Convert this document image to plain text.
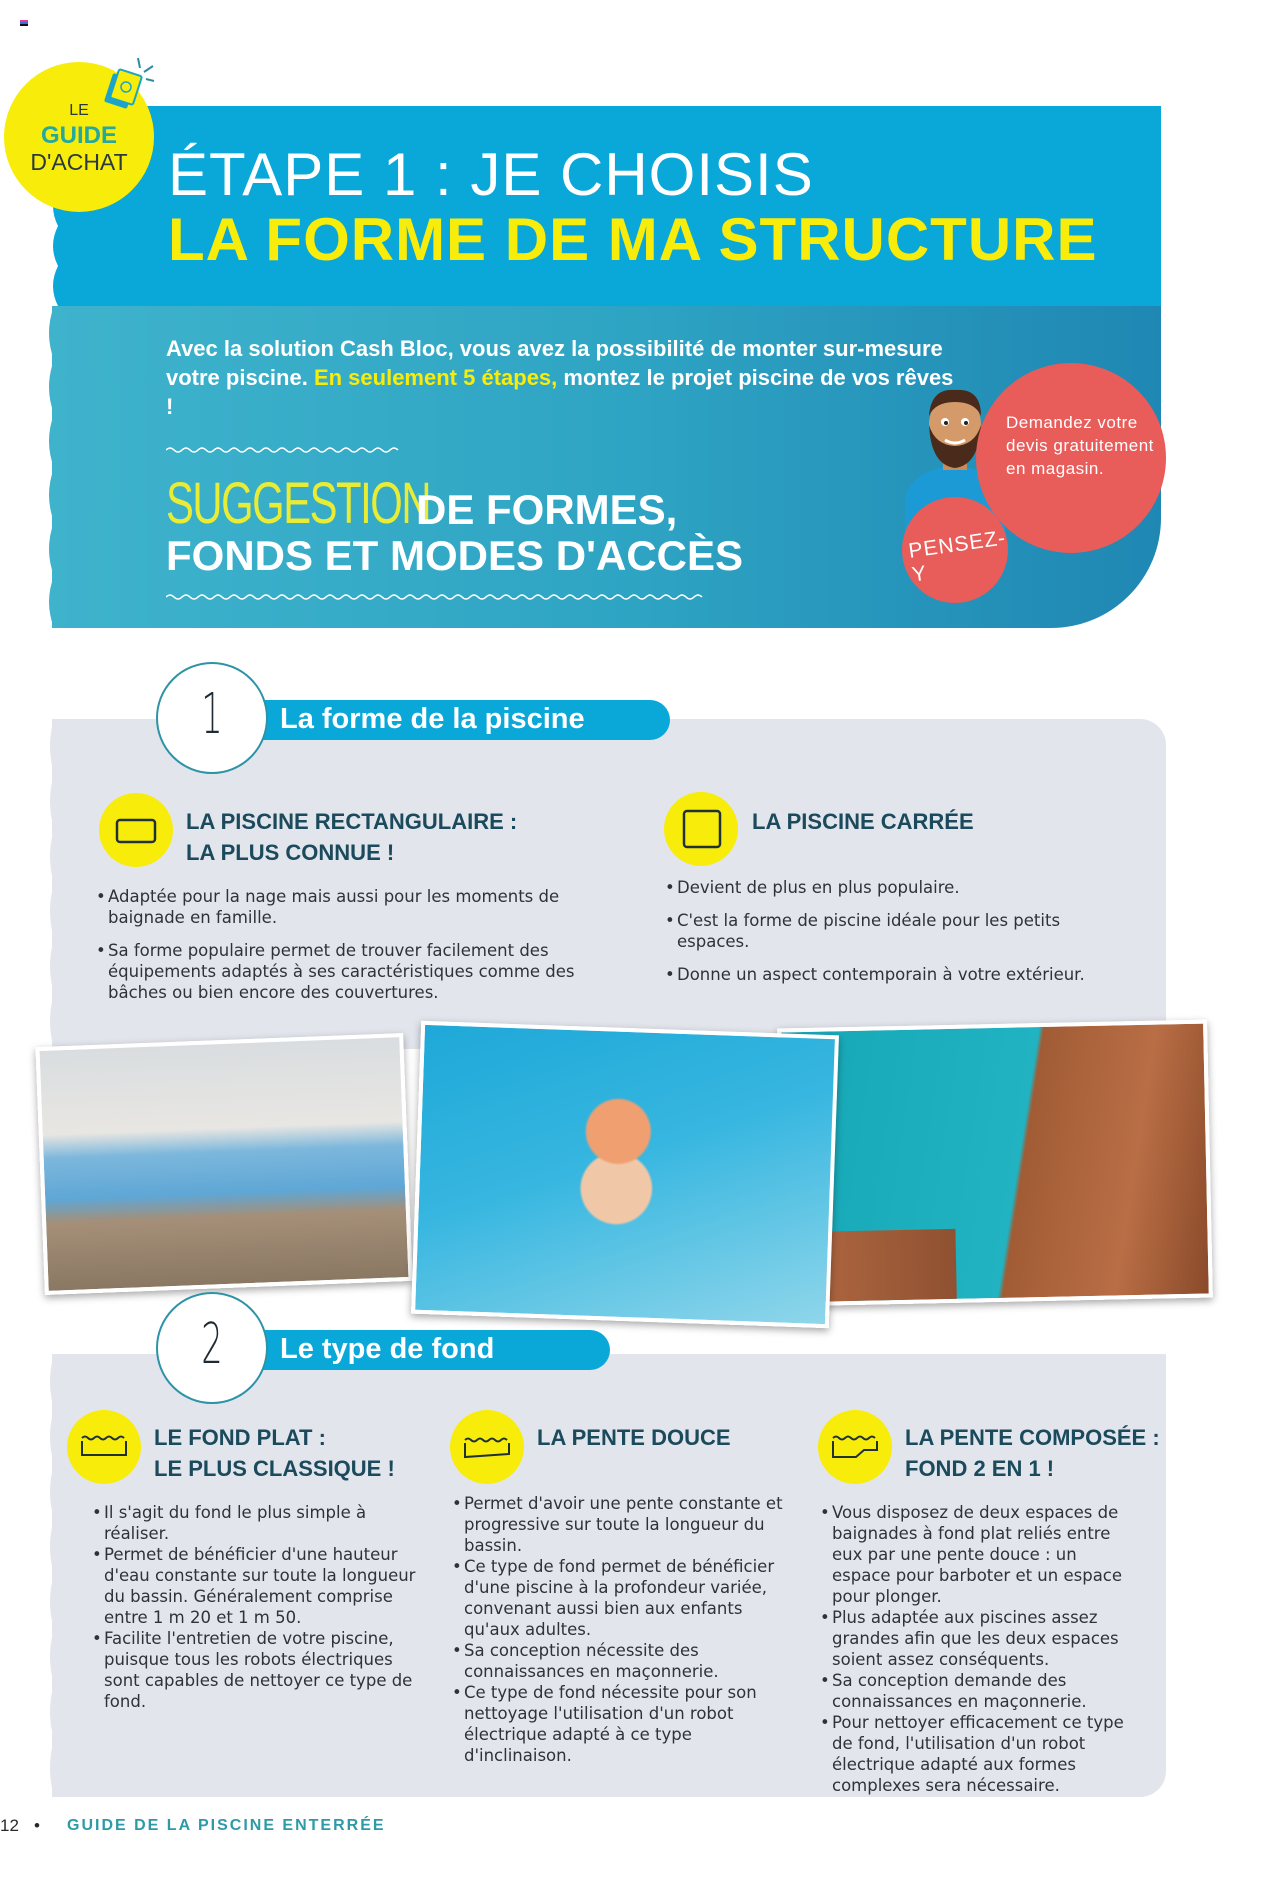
ÉTAPE 1 : JE CHOISIS
LA FORME DE MA STRUCTURE
Avec la solution Cash Bloc, vous avez la possibilité de monter sur-mesure votre piscine. En seulement 5 étapes, montez le projet piscine de vos rêves !
SUGGESTION
DE FORMES,
FONDS ET MODES D'ACCÈS
LE
GUIDE
D'ACHAT
Demandez votre devis gratuitement en magasin.
PENSEZ-Y
La forme de la piscine
1
LA PISCINE RECTANGULAIRE :
LA PLUS CONNUE !
• Adaptée pour la nage mais aussi pour les moments de baignade en famille.
• Sa forme populaire permet de trouver facilement des équipements adaptés à ses caractéristiques comme des bâches ou bien encore des couvertures.
LA PISCINE CARRÉE
• Devient de plus en plus populaire.
• C'est la forme de piscine idéale pour les petits espaces.
• Donne un aspect contemporain à votre extérieur.
Le type de fond
2
LE FOND PLAT :
LE PLUS CLASSIQUE !
• Il s'agit du fond le plus simple à réaliser.
• Permet de bénéficier d'une hauteur d'eau constante sur toute la longueur du bassin. Généralement comprise entre 1 m 20 et 1 m 50.
• Facilite l'entretien de votre piscine, puisque tous les robots électriques sont capables de nettoyer ce type de fond.
LA PENTE DOUCE
• Permet d'avoir une pente constante et progressive sur toute la longueur du bassin.
• Ce type de fond permet de bénéficier d'une piscine à la profondeur variée, convenant aussi bien aux enfants qu'aux adultes.
• Sa conception nécessite des connaissances en maçonnerie.
• Ce type de fond nécessite pour son nettoyage l'utilisation d'un robot électrique adapté à ce type d'inclinaison.
LA PENTE COMPOSÉE :
FOND 2 EN 1 !
• Vous disposez de deux espaces de baignades à fond plat reliés entre eux par une pente douce : un espace pour barboter et un espace pour plonger.
• Plus adaptée aux piscines assez grandes afin que les deux espaces soient assez conséquents.
• Sa conception demande des connaissances en maçonnerie.
• Pour nettoyer efficacement ce type de fond, l'utilisation d'un robot électrique adapté aux formes complexes sera nécessaire.
12 • GUIDE DE LA PISCINE ENTERRÉE
